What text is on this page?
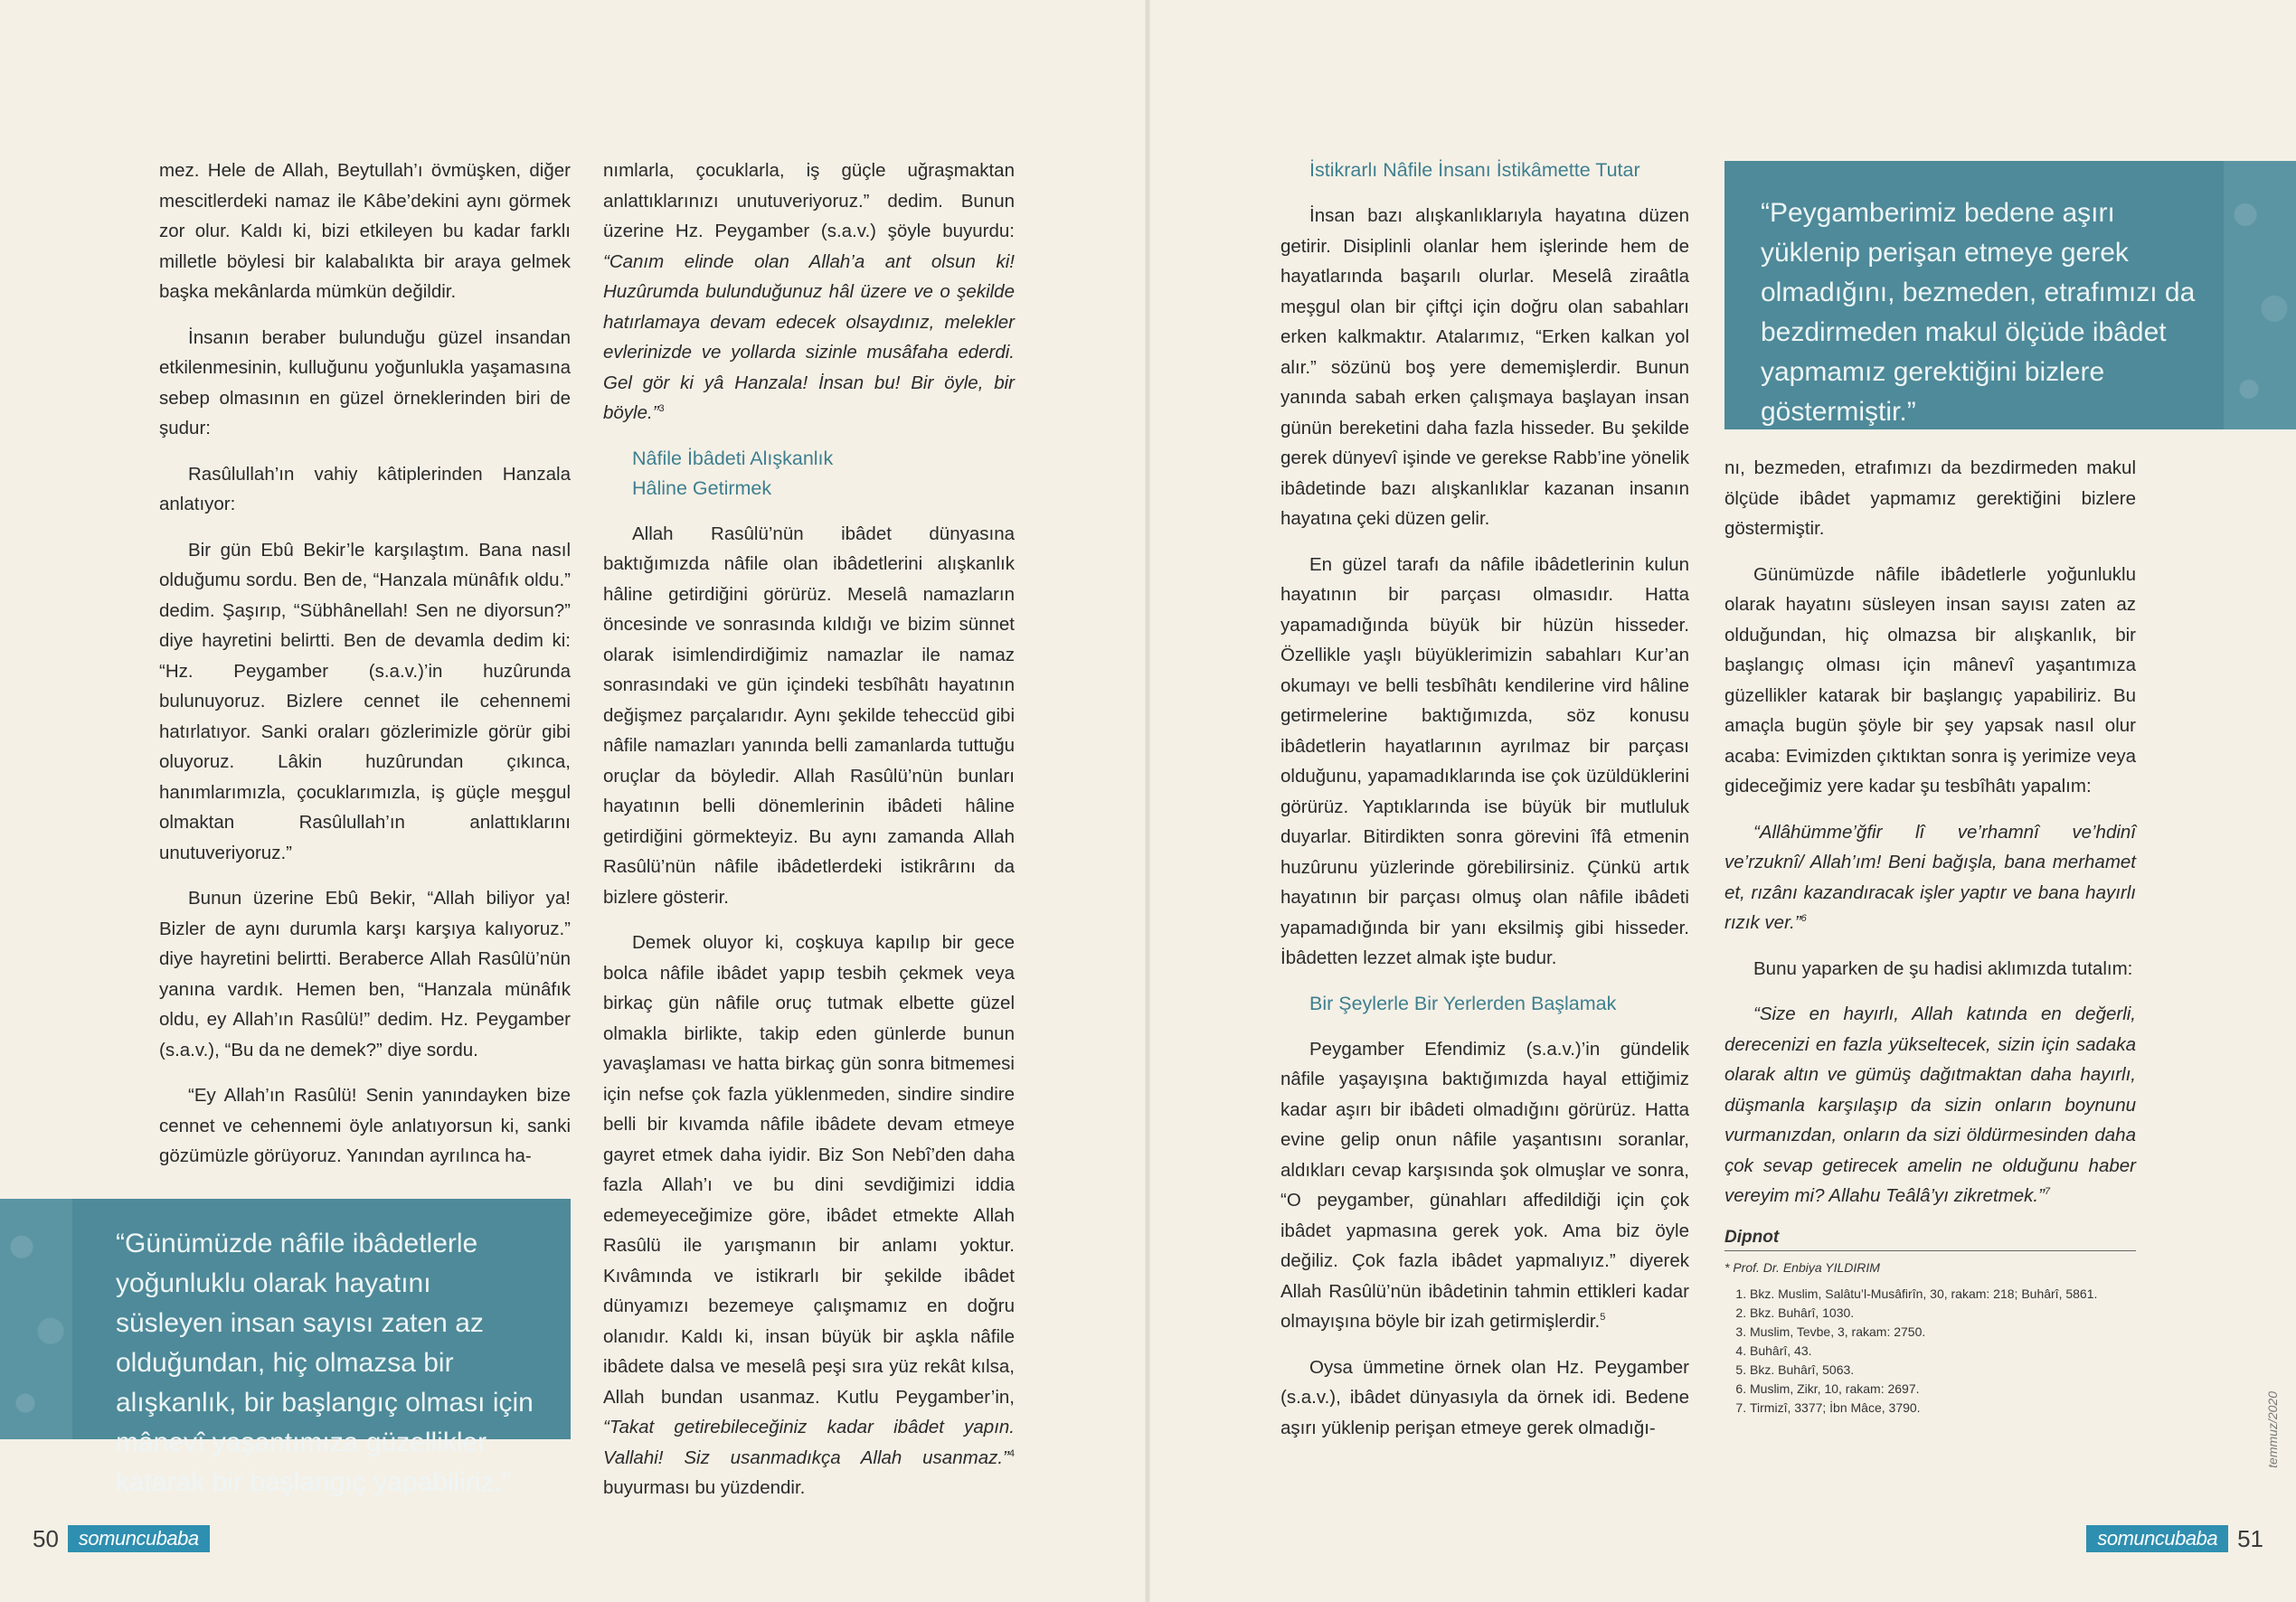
mez. Hele de Allah, Beytullah’ı övmüşken, diğer mescitlerdeki namaz ile Kâbe’dekini aynı görmek zor olur. Kaldı ki, bizi etkileyen bu kadar farklı milletle böylesi bir kalabalıkta bir araya gelmek başka mekânlarda mümkün değildir.

İnsanın beraber bulunduğu güzel insandan etkilenmesinin, kulluğunu yoğunlukla yaşamasına sebep olmasının en güzel örneklerinden biri de şudur:

Rasûlullah’ın vahiy kâtiplerinden Hanzala anlatıyor:

Bir gün Ebû Bekir’le karşılaştım. Bana nasıl olduğumu sordu. Ben de, “Hanzala münâfık oldu.” dedim. Şaşırıp, “Sübhânellah! Sen ne diyorsun?” diye hayretini belirtti. Ben de devamla dedim ki: “Hz. Peygamber (s.a.v.)’in huzûrunda bulunuyoruz. Bizlere cennet ile cehennemi hatırlatıyor. Sanki oraları gözlerimizle görür gibi oluyoruz. Lâkin huzûrundan çıkınca, hanımlarımızla, çocuklarımızla, iş güçle meşgul olmaktan Rasûlullah’ın anlattıklarını unutuveriyoruz.”

Bunun üzerine Ebû Bekir, “Allah biliyor ya! Bizler de aynı durumla karşı karşıya kalıyoruz.” diye hayretini belirtti. Beraberce Allah Rasûlü’nün yanına vardık. Hemen ben, “Hanzala münâfık oldu, ey Allah’ın Rasûlü!” dedim. Hz. Peygamber (s.a.v.), “Bu da ne demek?” diye sordu.

“Ey Allah’ın Rasûlü! Senin yanındayken bize cennet ve cehennemi öyle anlatıyorsun ki, sanki gözümüzle görüyoruz. Yanından ayrılınca ha-

nımlarla, çocuklarla, iş güçle uğraşmaktan anlattıklarınızı unutuveriyoruz.” dedim. Bunun üzerine Hz. Peygamber (s.a.v.) şöyle buyurdu: “Canım elinde olan Allah’a ant olsun ki! Huzûrumda bulunduğunuz hâl üzere ve o şekilde hatırlamaya devam edecek olsaydınız, melekler evlerinizde ve yollarda sizinle musâfaha ederdi. Gel gör ki yâ Hanzala! İnsan bu! Bir öyle, bir böyle.”$^3$

Nâfile İbâdeti Alışkanlık
Hâline Getirmek

Allah Rasûlü’nün ibâdet dünyasına baktığımızda nâfile olan ibâdetlerini alışkanlık hâline getirdiğini görürüz. Meselâ namazların öncesinde ve sonrasında kıldığı ve bizim sünnet olarak isimlendirdiğimiz namazlar ile namaz sonrasındaki ve gün içindeki tesbîhâtı hayatının değişmez parçalarıdır. Aynı şekilde teheccüd gibi nâfile namazları yanında belli zamanlarda tuttuğu oruçlar da böyledir. Allah Rasûlü’nün bunları hayatının belli dönemlerinin ibâdeti hâline getirdiğini görmekteyiz. Bu aynı zamanda Allah Rasûlü’nün nâfile ibâdetlerdeki istikrârını da bizlere gösterir.

Demek oluyor ki, coşkuya kapılıp bir gece bolca nâfile ibâdet yapıp tesbih çekmek veya birkaç gün nâfile oruç tutmak elbette güzel olmakla birlikte, takip eden günlerde bunun yavaşlaması ve hatta birkaç gün sonra bitmemesi için nefse çok fazla yüklenmeden, sindire sindire belli bir kıvamda nâfile ibâdete devam etmeye gayret etmek daha iyidir. Biz Son Nebî’den daha fazla Allah’ı ve bu dini sevdiğimizi iddia edemeyeceğimize göre, ibâdet etmekte Allah Rasûlü ile yarışmanın bir anlamı yoktur. Kıvâmında ve istikrarlı bir şekilde ibâdet dünyamızı bezemeye çalışmamız en doğru olanıdır. Kaldı ki, insan büyük bir aşkla nâfile ibâdete dalsa ve meselâ peşi sıra yüz rekât kılsa, Allah bundan usanmaz. Kutlu Peygamber’in, “Takat getirebileceğiniz kadar ibâdet yapın. Vallahi! Siz usanmadıkça Allah usanmaz.”$^4$ buyurması bu yüzdendir.

“Günümüzde nâfile ibâdetlerle yoğunluklu olarak hayatını süsleyen insan sayısı zaten az olduğundan, hiç olmazsa bir alışkanlık, bir başlangıç olması için mânevî yaşantımıza güzellikler katarak bir başlangıç yapabiliriz.”
50	somuncubaba
İstikrarlı Nâfile İnsanı İstikâmette Tutar

İnsan bazı alışkanlıklarıyla hayatına düzen getirir. Disiplinli olanlar hem işlerinde hem de hayatlarında başarılı olurlar. Meselâ ziraâtla meşgul olan bir çiftçi için doğru olan sabahları erken kalkmaktır. Atalarımız, “Erken kalkan yol alır.” sözünü boş yere dememişlerdir. Bunun yanında sabah erken çalışmaya başlayan insan günün bereketini daha fazla hisseder. Bu şekilde gerek dünyevî işinde ve gerekse Rabb’ine yönelik ibâdetinde bazı alışkanlıklar kazanan insanın hayatına çeki düzen gelir.

En güzel tarafı da nâfile ibâdetlerinin kulun hayatının bir parçası olmasıdır. Hatta yapamadığında büyük bir hüzün hisseder. Özellikle yaşlı büyüklerimizin sabahları Kur’an okumayı ve belli tesbîhâtı kendilerine vird hâline getirmelerine baktığımızda, söz konusu ibâdetlerin hayatlarının ayrılmaz bir parçası olduğunu, yapamadıklarında ise çok üzüldüklerini görürüz. Yaptıklarında ise büyük bir mutluluk duyarlar. Bitirdikten sonra görevini îfâ etmenin huzûrunu yüzlerinde görebilirsiniz. Çünkü artık hayatının bir parçası olmuş olan nâfile ibâdeti yapamadığında bir yanı eksilmiş gibi hisseder. İbâdetten lezzet almak işte budur.

Bir Şeylerle Bir Yerlerden Başlamak

Peygamber Efendimiz (s.a.v.)’in gündelik nâfile yaşayışına baktığımızda hayal ettiğimiz kadar aşırı bir ibâdeti olmadığını görürüz. Hatta evine gelip onun nâfile yaşantısını soranlar, aldıkları cevap karşısında şok olmuşlar ve sonra, “O peygamber, günahları affedildiği için çok ibâdet yapmasına gerek yok. Ama biz öyle değiliz. Çok fazla ibâdet yapmalıyız.” diyerek Allah Rasûlü’nün ibâdetinin tahmin ettikleri kadar olmayışına böyle bir izah getirmişlerdir.$^5$

Oysa ümmetine örnek olan Hz. Peygamber (s.a.v.), ibâdet dünyasıyla da örnek idi. Bedene aşırı yüklenip perişan etmeye gerek olmadığı-

“Peygamberimiz bedene aşırı yüklenip perişan etmeye gerek olmadığını, bezmeden, etrafımızı da bezdirmeden makul ölçüde ibâdet yapmamız gerektiğini bizlere göstermiştir.”

nı, bezmeden, etrafımızı da bezdirmeden makul ölçüde ibâdet yapmamız gerektiğini bizlere göstermiştir.

Günümüzde nâfile ibâdetlerle yoğunluklu olarak hayatını süsleyen insan sayısı zaten az olduğundan, hiç olmazsa bir alışkanlık, bir başlangıç olması için mânevî yaşantımıza güzellikler katarak bir başlangıç yapabiliriz. Bu amaçla bugün şöyle bir şey yapsak nasıl olur acaba: Evimizden çıktıktan sonra iş yerimize veya gideceğimiz yere kadar şu tesbîhâtı yapalım:

“Allâhümme’ğfir lî ve’rhamnî ve’hdinî ve’rzuknî/ Allah’ım! Beni bağışla, bana merhamet et, rızânı kazandıracak işler yaptır ve bana hayırlı rızık ver.”$^6$

Bunu yaparken de şu hadisi aklımızda tutalım:

“Size en hayırlı, Allah katında en değerli, derecenizi en fazla yükseltecek, sizin için sadaka olarak altın ve gümüş dağıtmaktan daha hayırlı, düşmanla karşılaşıp da sizin onların boynunu vurmanızdan, onların da sizi öldürmesinden daha çok sevap getirecek amelin ne olduğunu haber vereyim mi? Allahu Teâlâ’yı zikretmek.”$^7$

Dipnot
* Prof. Dr. Enbiya YILDIRIM
1. Bkz. Muslim, Salâtu’l-Musâfirîn, 30, rakam: 218; Buhârî, 5861.
2. Bkz. Buhârî, 1030.
3. Muslim, Tevbe, 3, rakam: 2750.
4. Buhârî, 43.
5. Bkz. Buhârî, 5063.
6. Muslim, Zikr, 10, rakam: 2697.
7. Tirmizî, 3377; İbn Mâce, 3790.	temmuz/2020
somuncubaba 51
